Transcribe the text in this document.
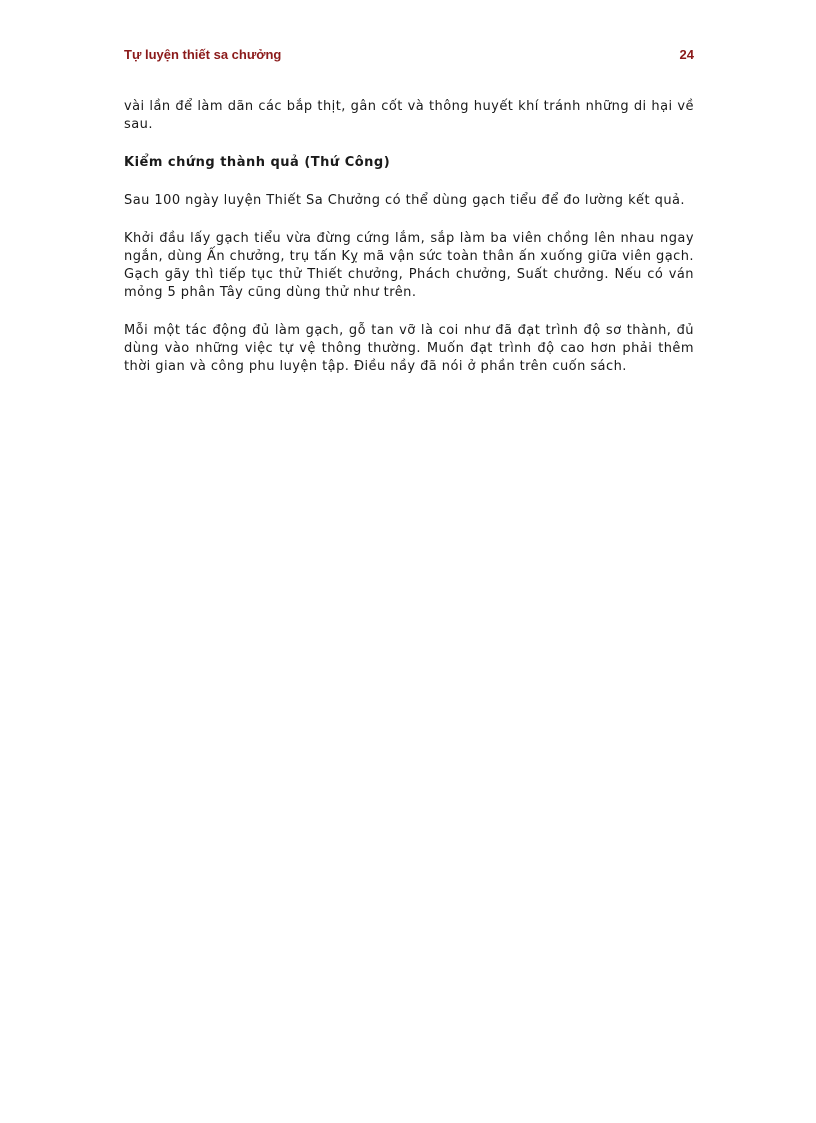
Tự luyện thiết sa chưởng	24

vài lần để làm dãn các bắp thịt, gân cốt và thông huyết khí tránh những di hại về sau.

Kiểm chứng thành quả (Thứ Công)

Sau 100 ngày luyện Thiết Sa Chưởng có thể dùng gạch tiểu để đo lường kết quả.

Khởi đầu lấy gạch tiểu vừa đừng cứng lắm, sắp làm ba viên chồng lên nhau ngay ngắn, dùng Ấn chưởng, trụ tấn Kỵ mã vận sức toàn thân ấn xuống giữa viên gạch. Gạch gãy thì tiếp tục thử Thiết chưởng, Phách chưởng, Suất chưởng. Nếu có ván mỏng 5 phân Tây cũng dùng thử như trên.

Mỗi một tác động đủ làm gạch, gỗ tan vỡ là coi như đã đạt trình độ sơ thành, đủ dùng vào những việc tự vệ thông thường. Muốn đạt trình độ cao hơn phải thêm thời gian và công phu luyện tập. Điều nầy đã nói ở phần trên cuốn sách.
